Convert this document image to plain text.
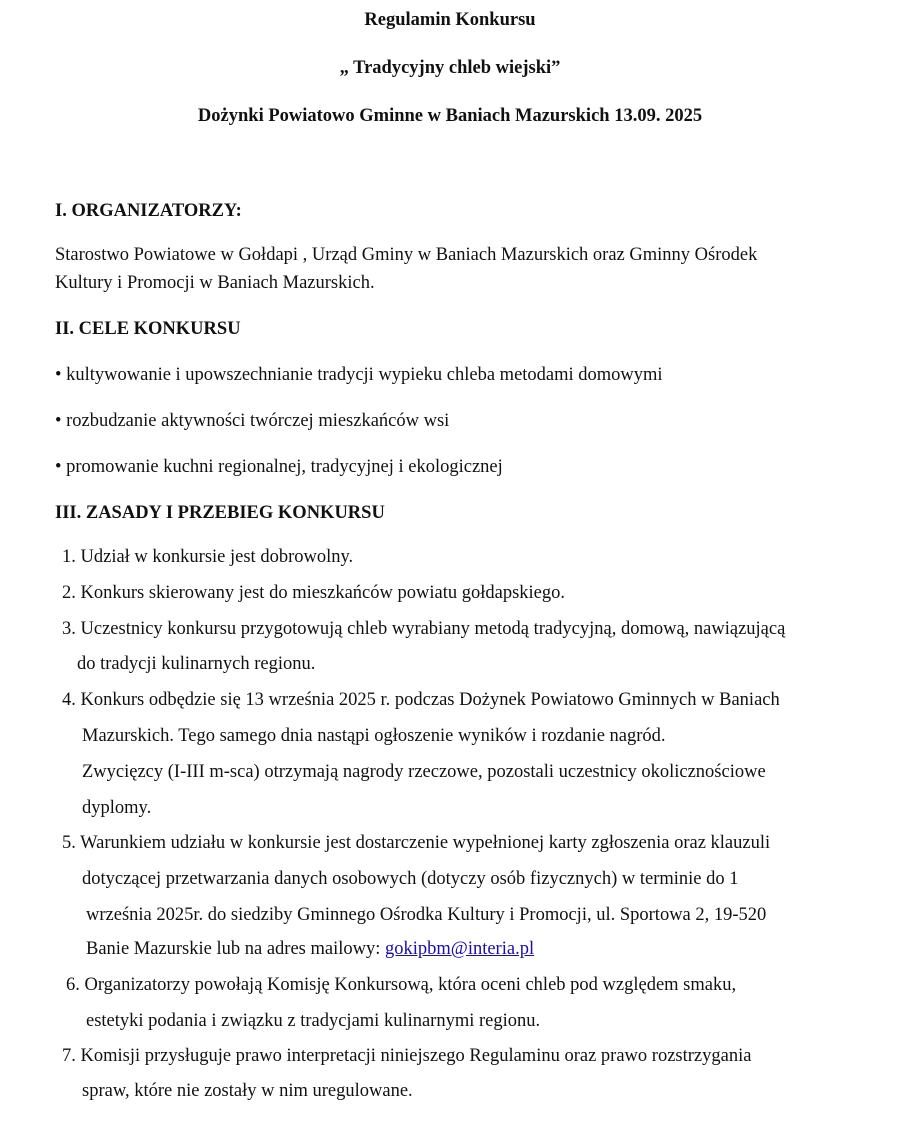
Regulamin Konkursu
„ Tradycyjny chleb wiejski”
Dożynki Powiatowo Gminne w Baniach Mazurskich 13.09. 2025
I. ORGANIZATORZY:
Starostwo Powiatowe w Gołdapi , Urząd Gminy w Baniach Mazurskich oraz Gminny Ośrodek
Kultury i Promocji w Baniach Mazurskich.
II. CELE KONKURSU
• kultywowanie i upowszechnianie tradycji wypieku chleba metodami domowymi
• rozbudzanie aktywności twórczej mieszkańców wsi
• promowanie kuchni regionalnej, tradycyjnej i ekologicznej
III. ZASADY I PRZEBIEG KONKURSU
1. Udział w konkursie jest dobrowolny.
2. Konkurs skierowany jest do mieszkańców powiatu gołdapskiego.
3. Uczestnicy konkursu przygotowują chleb wyrabiany metodą tradycyjną, domową, nawiązującą
do tradycji kulinarnych regionu.
4. Konkurs odbędzie się 13 września 2025 r. podczas Dożynek Powiatowo Gminnych w Baniach
Mazurskich. Tego samego dnia nastąpi ogłoszenie wyników i rozdanie nagród.
Zwycięzcy (I-III m-sca) otrzymają nagrody rzeczowe, pozostali uczestnicy okolicznościowe
dyplomy.
5. Warunkiem udziału w konkursie jest dostarczenie wypełnionej karty zgłoszenia oraz klauzuli
dotyczącej przetwarzania danych osobowych (dotyczy osób fizycznych) w terminie do 1
września 2025r. do siedziby Gminnego Ośrodka Kultury i Promocji, ul. Sportowa 2, 19-520
Banie Mazurskie lub na adres mailowy: gokipbm@interia.pl
6. Organizatorzy powołają Komisję Konkursową, która oceni chleb pod względem smaku,
estetyki podania i związku z tradycjami kulinarnymi regionu.
7. Komisji przysługuje prawo interpretacji niniejszego Regulaminu oraz prawo rozstrzygania
spraw, które nie zostały w nim uregulowane.
